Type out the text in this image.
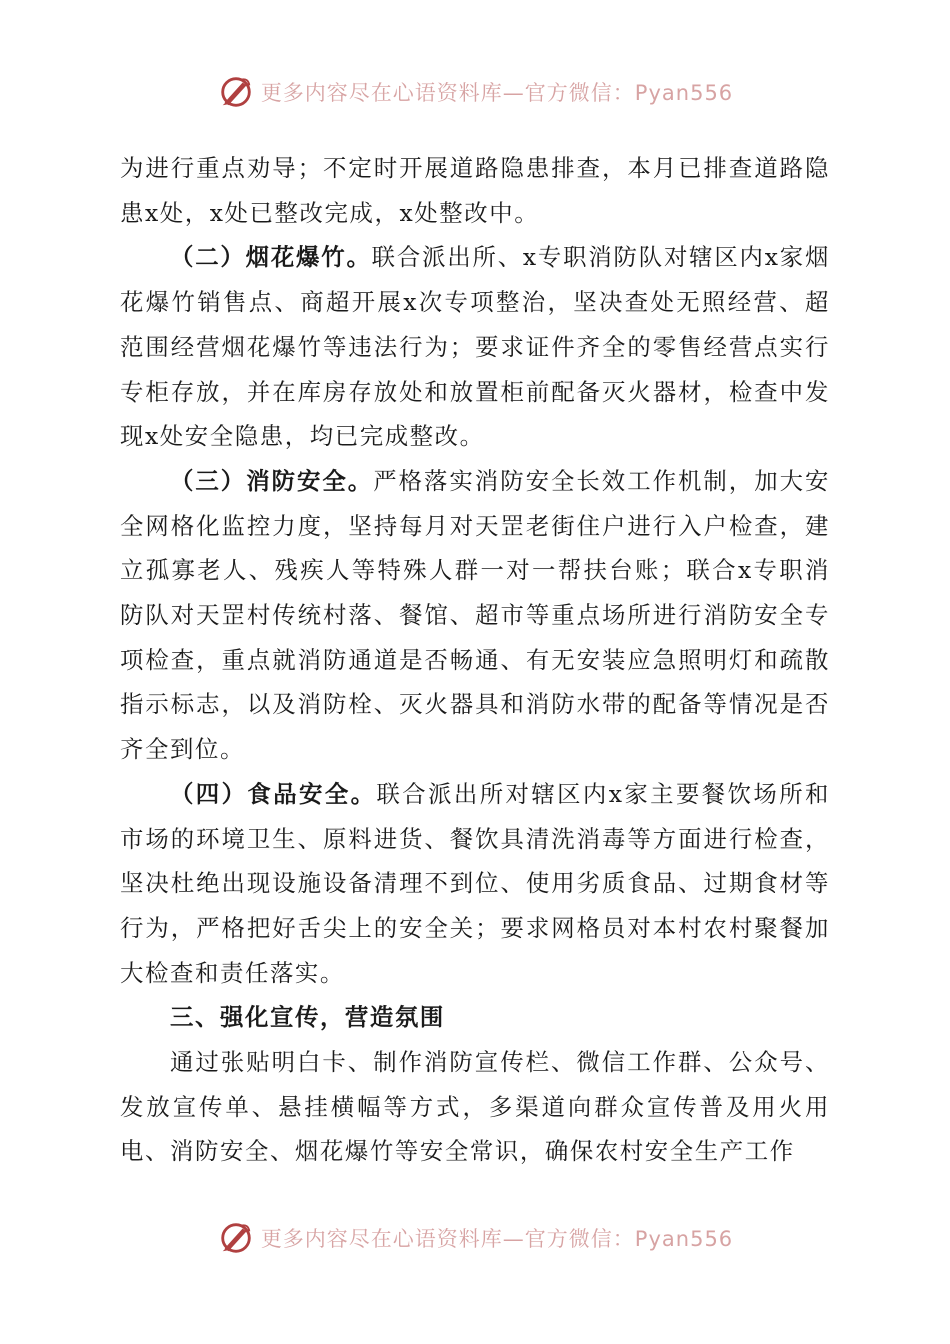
更多内容尽在心语资料库—官方微信：Pyan556

为进行重点劝导；不定时开展道路隐患排查，本月已排查道路隐患x处，x处已整改完成，x处整改中。

（二）烟花爆竹。联合派出所、x专职消防队对辖区内x家烟花爆竹销售点、商超开展x次专项整治，坚决查处无照经营、超范围经营烟花爆竹等违法行为；要求证件齐全的零售经营点实行专柜存放，并在库房存放处和放置柜前配备灭火器材，检查中发现x处安全隐患，均已完成整改。

（三）消防安全。严格落实消防安全长效工作机制，加大安全网格化监控力度，坚持每月对天罡老街住户进行入户检查，建立孤寡老人、残疾人等特殊人群一对一帮扶台账；联合x专职消防队对天罡村传统村落、餐馆、超市等重点场所进行消防安全专项检查，重点就消防通道是否畅通、有无安装应急照明灯和疏散指示标志，以及消防栓、灭火器具和消防水带的配备等情况是否齐全到位。

（四）食品安全。联合派出所对辖区内x家主要餐饮场所和市场的环境卫生、原料进货、餐饮具清洗消毒等方面进行检查，坚决杜绝出现设施设备清理不到位、使用劣质食品、过期食材等行为，严格把好舌尖上的安全关；要求网格员对本村农村聚餐加大检查和责任落实。

三、强化宣传，营造氛围

通过张贴明白卡、制作消防宣传栏、微信工作群、公众号、发放宣传单、悬挂横幅等方式，多渠道向群众宣传普及用火用电、消防安全、烟花爆竹等安全常识，确保农村安全生产工作

更多内容尽在心语资料库—官方微信：Pyan556
